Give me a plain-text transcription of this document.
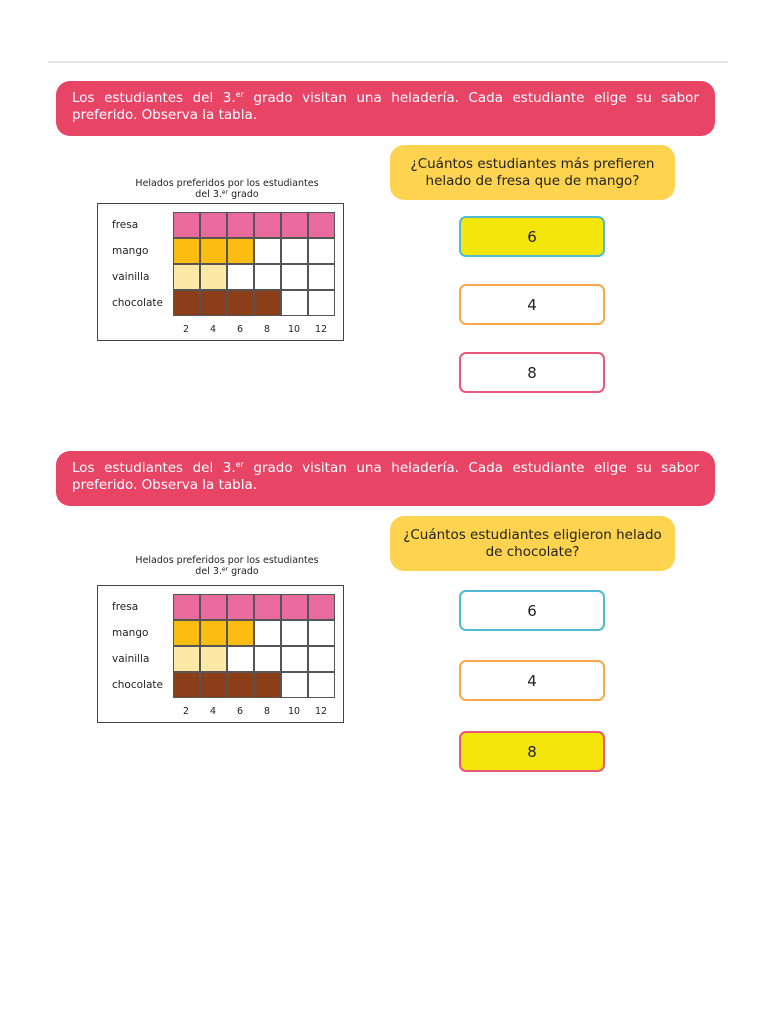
Los estudiantes del 3.$^{er}$ grado visitan una heladería. Cada estudiante elige su sabor preferido. Observa la tabla.
¿Cuántos estudiantes más prefieren helado de fresa que de mango?
Helados preferidos por los estudiantes
del 3.$^{er}$ grado
fresa
mango
vainilla
chocolate
2	4	6	8	10	12
6
4
8
Los estudiantes del 3.$^{er}$ grado visitan una heladería. Cada estudiante elige su sabor preferido. Observa la tabla.
¿Cuántos estudiantes eligieron helado de chocolate?
Helados preferidos por los estudiantes
del 3.$^{er}$ grado
fresa
mango
vainilla
chocolate
2	4	6	8	10	12
6
4
8
